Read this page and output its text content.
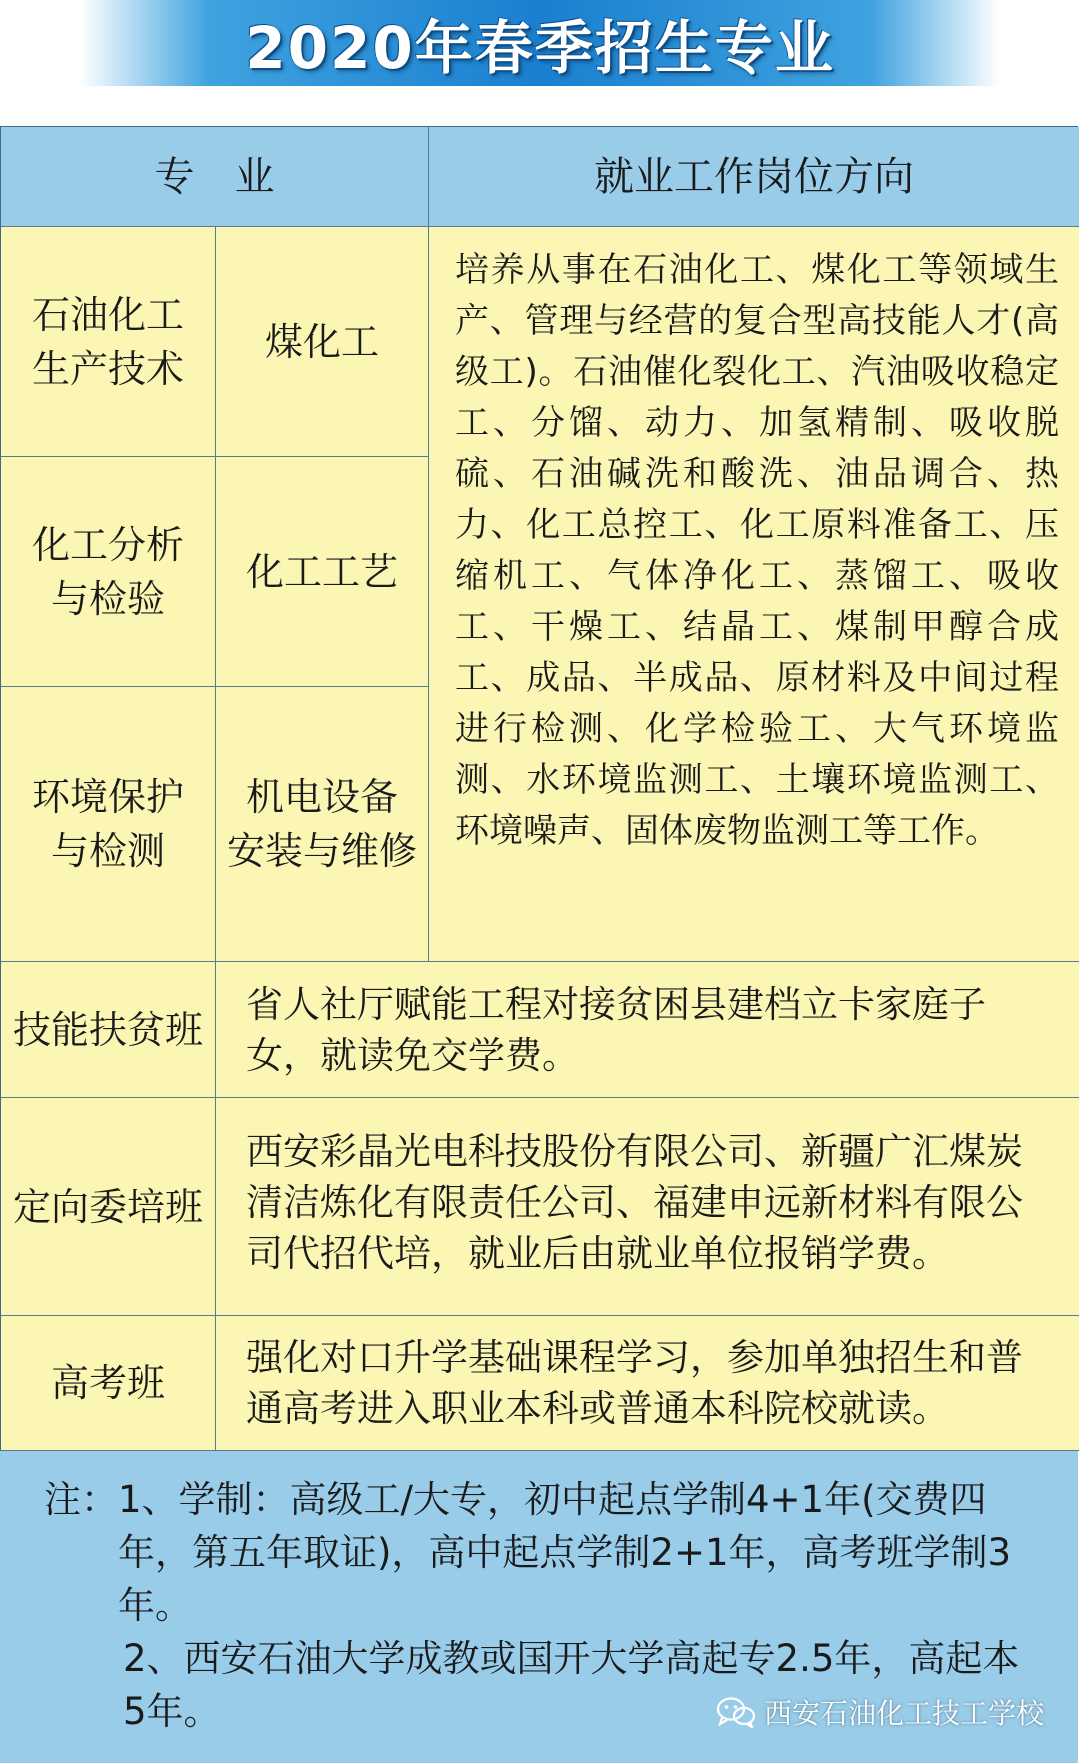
2020年春季招生专业
专　业	就业工作岗位方向
石油化工
生产技术
化工分析
与检验
环境保护
与检测
煤化工
化工工艺
机电设备
安装与维修
培养从事在石油化工、煤化工等领域生产、管理与经营的复合型高技能人才(高级工)。石油催化裂化工、汽油吸收稳定工、分馏、动力、加氢精制、吸收脱硫、石油碱洗和酸洗、油品调合、热力、化工总控工、化工原料准备工、压缩机工、气体净化工、蒸馏工、吸收工、干燥工、结晶工、煤制甲醇合成工、成品、半成品、原材料及中间过程进行检测、化学检验工、大气环境监测、水环境监测工、土壤环境监测工、环境噪声、固体废物监测工等工作。
技能扶贫班
省人社厅赋能工程对接贫困县建档立卡家庭子女，就读免交学费。
定向委培班
西安彩晶光电科技股份有限公司、新疆广汇煤炭清洁炼化有限责任公司、福建申远新材料有限公司代招代培，就业后由就业单位报销学费。
高考班
强化对口升学基础课程学习，参加单独招生和普通高考进入职业本科或普通本科院校就读。
注： 1、学制：高级工/大专，初中起点学制4+1年(交费四年，第五年取证)，高中起点学制2+1年，高考班学制3年。
2、西安石油大学成教或国开大学高起专2.5年，高起本5年。	西安石油化工技工学校
